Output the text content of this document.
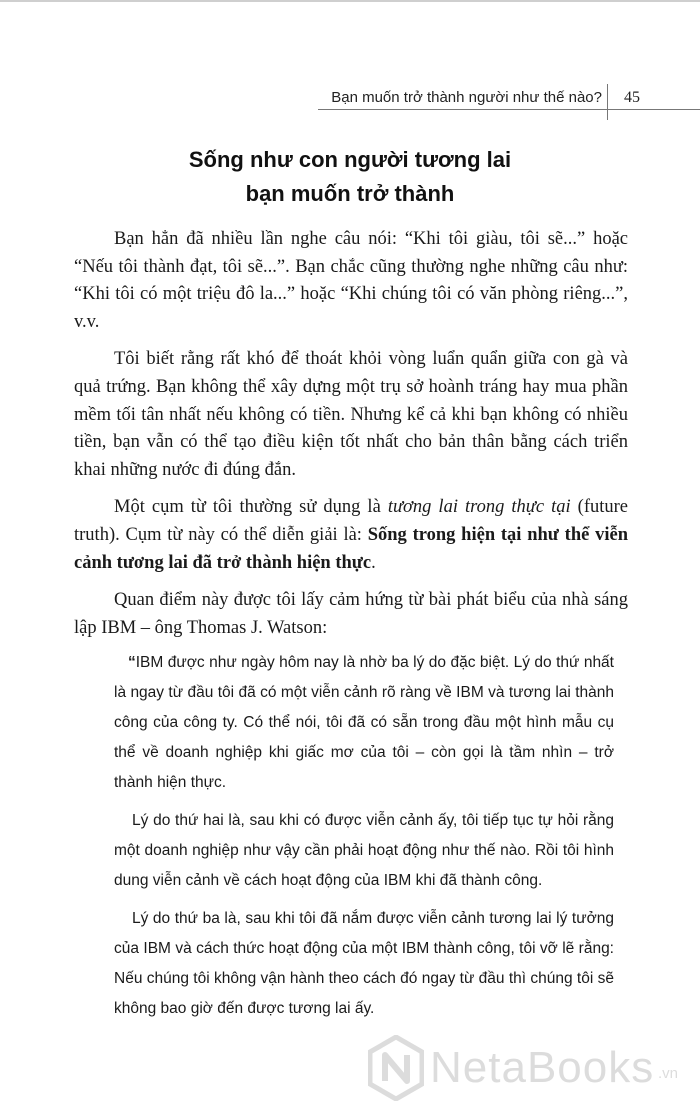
Bạn muốn trở thành người như thế nào? 45
Sống như con người tương lai
bạn muốn trở thành

Bạn hẳn đã nhiều lần nghe câu nói: “Khi tôi giàu, tôi sẽ...” hoặc “Nếu tôi thành đạt, tôi sẽ...”. Bạn chắc cũng thường nghe những câu như: “Khi tôi có một triệu đô la...” hoặc “Khi chúng tôi có văn phòng riêng...”, v.v.

Tôi biết rằng rất khó để thoát khỏi vòng luẩn quẩn giữa con gà và quả trứng. Bạn không thể xây dựng một trụ sở hoành tráng hay mua phần mềm tối tân nhất nếu không có tiền. Nhưng kể cả khi bạn không có nhiều tiền, bạn vẫn có thể tạo điều kiện tốt nhất cho bản thân bằng cách triển khai những nước đi đúng đắn.

Một cụm từ tôi thường sử dụng là tương lai trong thực tại (future truth). Cụm từ này có thể diễn giải là: Sống trong hiện tại như thể viễn cảnh tương lai đã trở thành hiện thực.

Quan điểm này được tôi lấy cảm hứng từ bài phát biểu của nhà sáng lập IBM – ông Thomas J. Watson:

“IBM được như ngày hôm nay là nhờ ba lý do đặc biệt. Lý do thứ nhất là ngay từ đầu tôi đã có một viễn cảnh rõ ràng về IBM và tương lai thành công của công ty. Có thể nói, tôi đã có sẵn trong đầu một hình mẫu cụ thể về doanh nghiệp khi giấc mơ của tôi – còn gọi là tầm nhìn – trở thành hiện thực.

Lý do thứ hai là, sau khi có được viễn cảnh ấy, tôi tiếp tục tự hỏi rằng một doanh nghiệp như vậy cần phải hoạt động như thế nào. Rồi tôi hình dung viễn cảnh về cách hoạt động của IBM khi đã thành công.

Lý do thứ ba là, sau khi tôi đã nắm được viễn cảnh tương lai lý tưởng của IBM và cách thức hoạt động của một IBM thành công, tôi vỡ lẽ rằng: Nếu chúng tôi không vận hành theo cách đó ngay từ đầu thì chúng tôi sẽ không bao giờ đến được tương lai ấy.

NetaBooks .vn
